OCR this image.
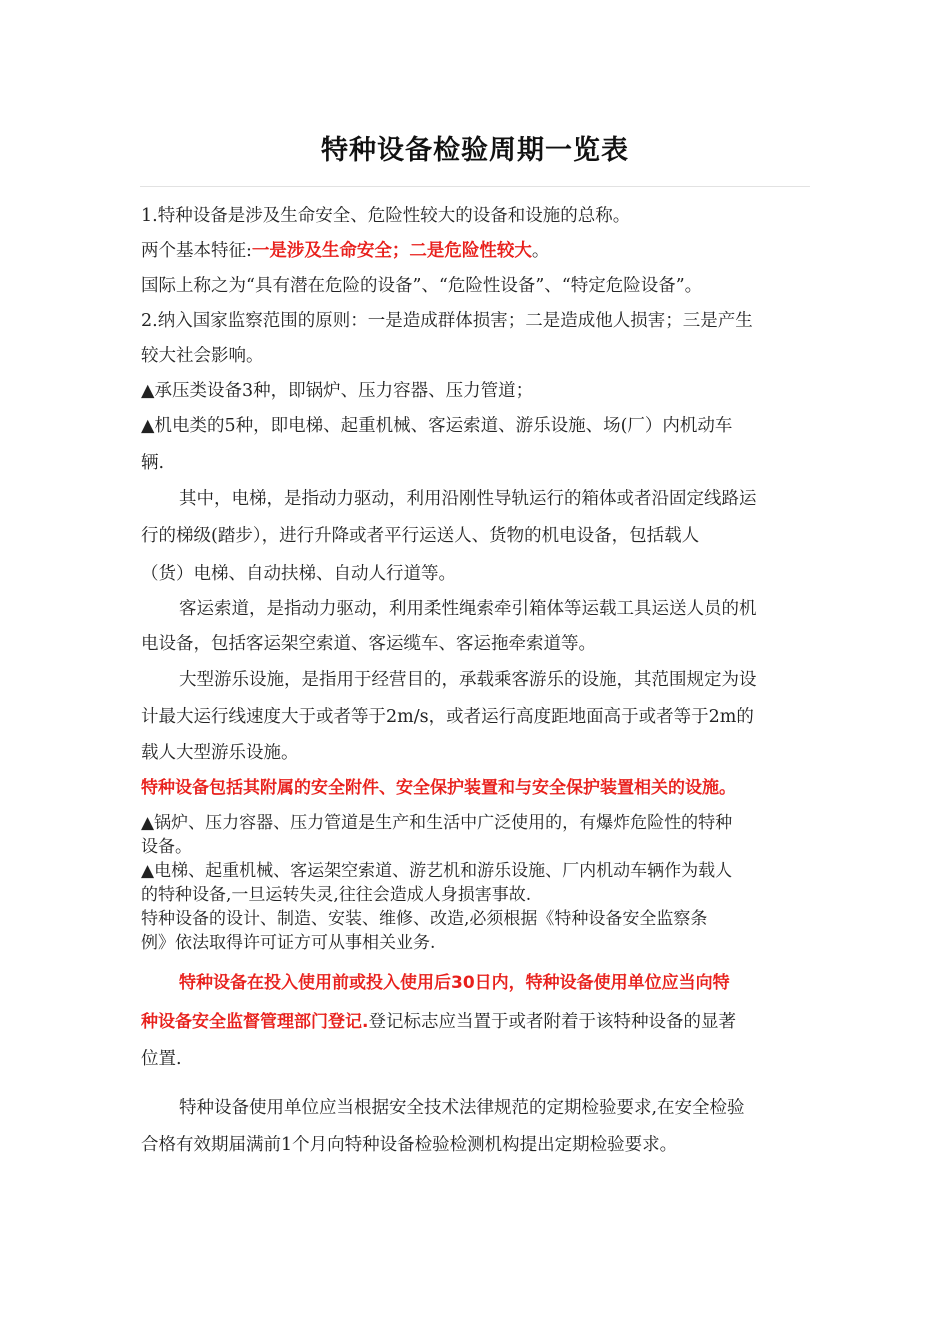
特种设备检验周期一览表
1.特种设备是涉及生命安全、危险性较大的设备和设施的总称。
两个基本特征:一是涉及生命安全；二是危险性较大。
国际上称之为“具有潜在危险的设备”、“危险性设备”、“特定危险设备”。
2.纳入国家监察范围的原则：一是造成群体损害；二是造成他人损害；三是产生
较大社会影响。
▲承压类设备3种，即锅炉、压力容器、压力管道；
▲机电类的5种，即电梯、起重机械、客运索道、游乐设施、场(厂）内机动车
辆.
其中，电梯，是指动力驱动，利用沿刚性导轨运行的箱体或者沿固定线路运
行的梯级(踏步），进行升降或者平行运送人、货物的机电设备，包括载人
（货）电梯、自动扶梯、自动人行道等。
客运索道，是指动力驱动，利用柔性绳索牵引箱体等运载工具运送人员的机
电设备，包括客运架空索道、客运缆车、客运拖牵索道等。
大型游乐设施，是指用于经营目的，承载乘客游乐的设施，其范围规定为设
计最大运行线速度大于或者等于2m/s，或者运行高度距地面高于或者等于2m的
载人大型游乐设施。
特种设备包括其附属的安全附件、安全保护装置和与安全保护装置相关的设施。
▲锅炉、压力容器、压力管道是生产和生活中广泛使用的，有爆炸危险性的特种
设备。
▲电梯、起重机械、客运架空索道、游艺机和游乐设施、厂内机动车辆作为载人
的特种设备,一旦运转失灵,往往会造成人身损害事故.
特种设备的设计、制造、安装、维修、改造,必须根据《特种设备安全监察条
例》依法取得许可证方可从事相关业务.
特种设备在投入使用前或投入使用后30日内，特种设备使用单位应当向特
种设备安全监督管理部门登记.登记标志应当置于或者附着于该特种设备的显著
位置.
特种设备使用单位应当根据安全技术法律规范的定期检验要求,在安全检验
合格有效期届满前1个月向特种设备检验检测机构提出定期检验要求。
